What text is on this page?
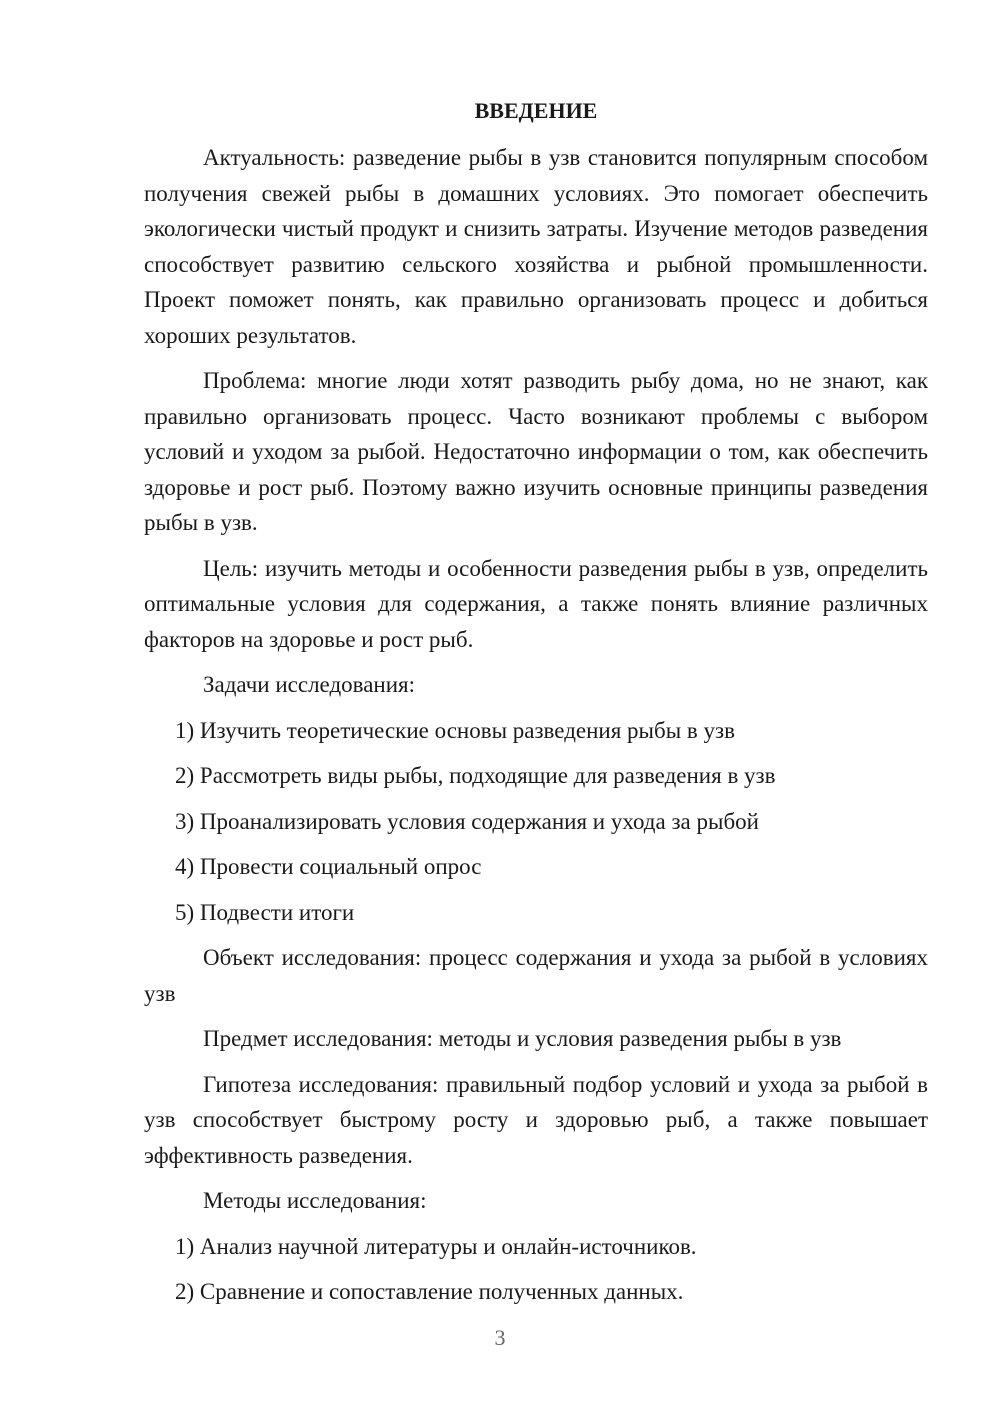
ВВЕДЕНИЕ

Актуальность: разведение рыбы в узв становится популярным способом получения свежей рыбы в домашних условиях. Это помогает обеспечить экологически чистый продукт и снизить затраты. Изучение методов разведения способствует развитию сельского хозяйства и рыбной промышленности. Проект поможет понять, как правильно организовать процесс и добиться хороших результатов.

Проблема: многие люди хотят разводить рыбу дома, но не знают, как правильно организовать процесс. Часто возникают проблемы с выбором условий и уходом за рыбой. Недостаточно информации о том, как обеспечить здоровье и рост рыб. Поэтому важно изучить основные принципы разведения рыбы в узв.

Цель: изучить методы и особенности разведения рыбы в узв, определить оптимальные условия для содержания, а также понять влияние различных факторов на здоровье и рост рыб.

Задачи исследования:

1) Изучить теоретические основы разведения рыбы в узв
2) Рассмотреть виды рыбы, подходящие для разведения в узв
3) Проанализировать условия содержания и ухода за рыбой
4) Провести социальный опрос
5) Подвести итоги

Объект исследования: процесс содержания и ухода за рыбой в условиях узв

Предмет исследования: методы и условия разведения рыбы в узв

Гипотеза исследования: правильный подбор условий и ухода за рыбой в узв способствует быстрому росту и здоровью рыб, а также повышает эффективность разведения.

Методы исследования:

1) Анализ научной литературы и онлайн-источников.
2) Сравнение и сопоставление полученных данных.
3
